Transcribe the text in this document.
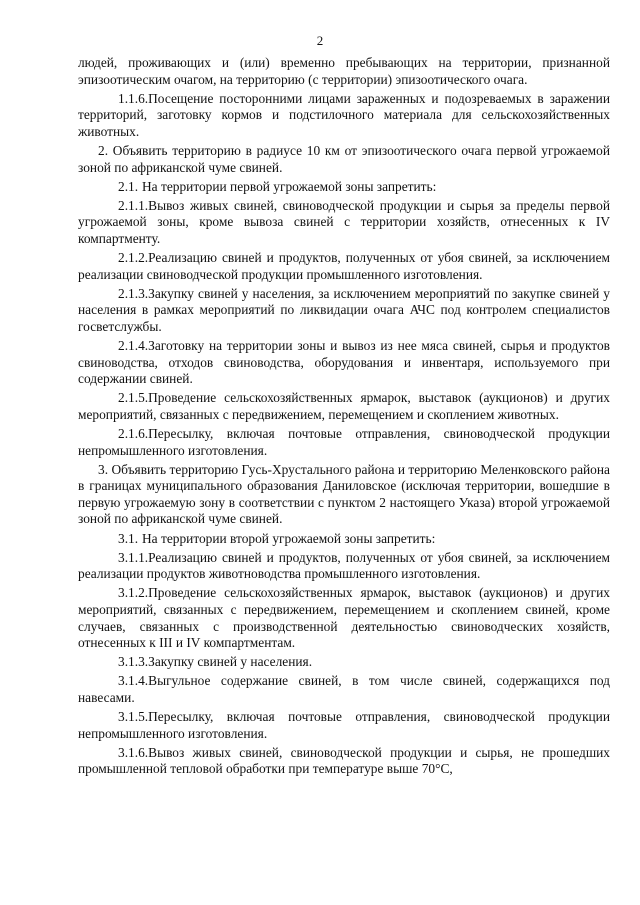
2

людей, проживающих и (или) временно пребывающих на территории, признанной эпизоотическим очагом, на территорию (с территории) эпизоотического очага.

1.1.6.Посещение посторонними лицами зараженных и подозреваемых в заражении территорий, заготовку кормов и подстилочного материала для сельскохозяйственных животных.

2. Объявить территорию в радиусе 10 км от эпизоотического очага первой угрожаемой зоной по африканской чуме свиней.

2.1. На территории первой угрожаемой зоны запретить:

2.1.1.Вывоз живых свиней, свиноводческой продукции и сырья за пределы первой угрожаемой зоны, кроме вывоза свиней с территории хозяйств, отнесенных к IV компартменту.

2.1.2.Реализацию свиней и продуктов, полученных от убоя свиней, за исключением реализации свиноводческой продукции промышленного изготовления.

2.1.3.Закупку свиней у населения, за исключением мероприятий по закупке свиней у населения в рамках мероприятий по ликвидации очага АЧС под контролем специалистов госветслужбы.

2.1.4.Заготовку на территории зоны и вывоз из нее мяса свиней, сырья и продуктов свиноводства, отходов свиноводства, оборудования и инвентаря, используемого при содержании свиней.

2.1.5.Проведение сельскохозяйственных ярмарок, выставок (аукционов) и других мероприятий, связанных с передвижением, перемещением и скоплением животных.

2.1.6.Пересылку, включая почтовые отправления, свиноводческой продукции непромышленного изготовления.

3. Объявить территорию Гусь-Хрустального района и территорию Меленковского района в границах муниципального образования Даниловское (исключая территории, вошедшие в первую угрожаемую зону в соответствии с пунктом 2 настоящего Указа) второй угрожаемой зоной по африканской чуме свиней.

3.1. На территории второй угрожаемой зоны запретить:

3.1.1.Реализацию свиней и продуктов, полученных от убоя свиней, за исключением реализации продуктов животноводства промышленного изготовления.

3.1.2.Проведение сельскохозяйственных ярмарок, выставок (аукционов) и других мероприятий, связанных с передвижением, перемещением и скоплением свиней, кроме случаев, связанных с производственной деятельностью свиноводческих хозяйств, отнесенных к III и IV компартментам.

3.1.3.Закупку свиней у населения.

3.1.4.Выгульное содержание свиней, в том числе свиней, содержащихся под навесами.

3.1.5.Пересылку, включая почтовые отправления, свиноводческой продукции непромышленного изготовления.

3.1.6.Вывоз живых свиней, свиноводческой продукции и сырья, не прошедших промышленной тепловой обработки при температуре выше 70°С,
